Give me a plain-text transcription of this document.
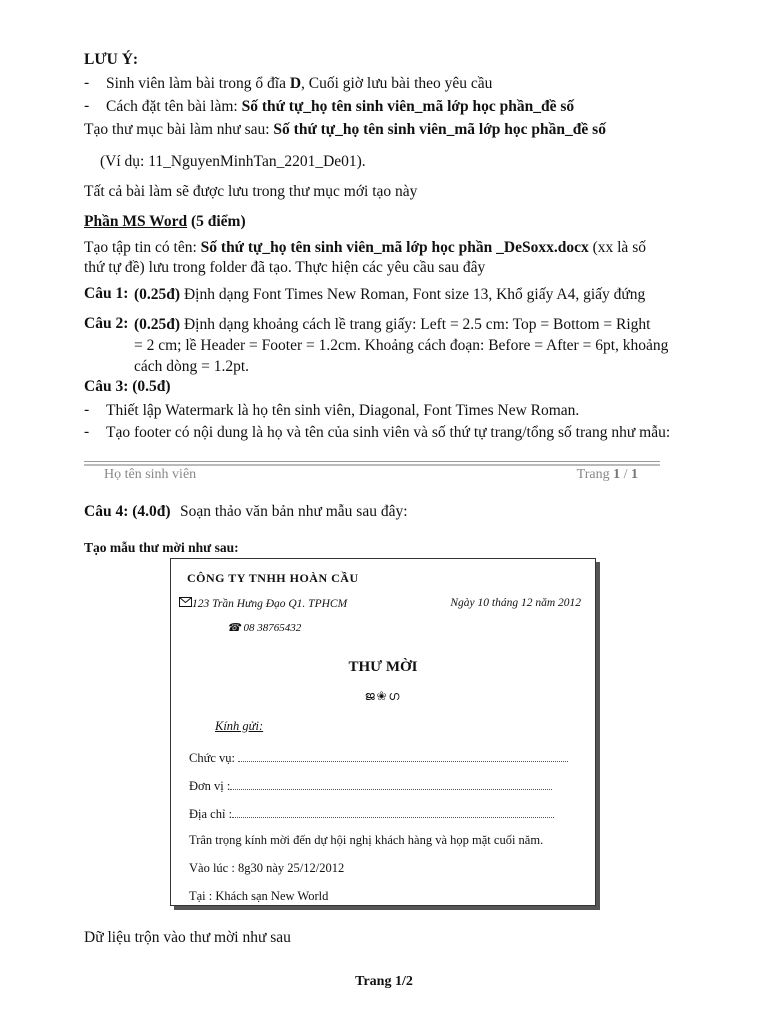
LƯU Ý:
- Sinh viên làm bài trong ổ đĩa D, Cuối giờ lưu bài theo yêu cầu
- Cách đặt tên bài làm: Số thứ tự_họ tên sinh viên_mã lớp học phần_đề số
Tạo thư mục bài làm như sau: Số thứ tự_họ tên sinh viên_mã lớp học phần_đề số
(Ví dụ: 11_NguyenMinhTan_2201_De01).
Tất cả bài làm sẽ được lưu trong thư mục mới tạo này
Phần MS Word (5 điểm)
Tạo tập tin có tên: Số thứ tự_họ tên sinh viên_mã lớp học phần _DeSoxx.docx (xx là số
thứ tự đề) lưu trong folder đã tạo. Thực hiện các yêu cầu sau đây
Câu 1: (0.25đ) Định dạng Font Times New Roman, Font size 13, Khổ giấy A4, giấy đứng
Câu 2: (0.25đ) Định dạng khoảng cách lề trang giấy: Left = 2.5 cm: Top = Bottom = Right
= 2 cm; lề Header = Footer = 1.2cm. Khoảng cách đoạn: Before = After = 6pt, khoảng
cách dòng = 1.2pt.
Câu 3: (0.5đ)
- Thiết lập Watermark là họ tên sinh viên, Diagonal, Font Times New Roman.
- Tạo footer có nội dung là họ và tên của sinh viên và số thứ tự trang/tổng số trang như mẫu:
Họ tên sinh viên	Trang 1 / 1
Câu 4: (4.0đ) Soạn thảo văn bản như mẫu sau đây:
Tạo mẫu thư mời như sau:
CÔNG TY TNHH HOÀN CẦU
123 Trần Hưng Đạo Q1. TPHCM	Ngày 10 tháng 12 năm 2012
☎ 08 38765432
THƯ MỜI
ജ❀ഗ
Kính gửi:
Chức vụ:
Đơn vị :
Địa chỉ :
Trân trọng kính mời đến dự hội nghị khách hàng và họp mặt cuối năm.
Vào lúc : 8g30 này 25/12/2012
Tại : Khách sạn New World
Dữ liệu trộn vào thư mời như sau
Trang 1/2
